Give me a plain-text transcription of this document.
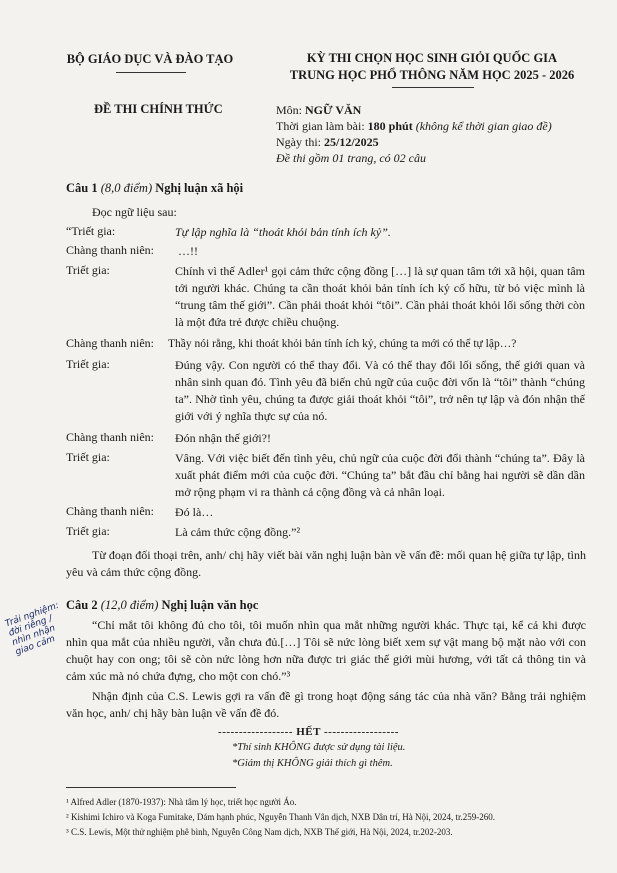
BỘ GIÁO DỤC VÀ ĐÀO TẠO	KỲ THI CHỌN HỌC SINH GIỎI QUỐC GIA
TRUNG HỌC PHỔ THÔNG NĂM HỌC 2025 - 2026
ĐỀ THI CHÍNH THỨC	Môn: NGỮ VĂN
Thời gian làm bài: 180 phút (không kể thời gian giao đề)
Ngày thi: 25/12/2025
Đề thi gồm 01 trang, có 02 câu
Câu 1 (8,0 điểm) Nghị luận xã hội
Đọc ngữ liệu sau:
“Triết gia:	Tự lập nghĩa là “thoát khỏi bản tính ích kỷ”.
Chàng thanh niên: …!!
Triết gia:	Chính vì thế Adler¹ gọi cảm thức cộng đồng […] là sự quan tâm tới xã hội, quan tâm tới người khác. Chúng ta cần thoát khỏi bản tính ích kỷ cố hữu, từ bỏ việc mình là “trung tâm thế giới”. Cần phải thoát khỏi “tôi”. Cần phải thoát khỏi lối sống thời còn là một đứa trẻ được chiều chuộng.
Chàng thanh niên: Thầy nói rằng, khi thoát khỏi bản tính ích kỷ, chúng ta mới có thể tự lập…?
Triết gia:	Đúng vậy. Con người có thể thay đổi. Và có thể thay đổi lối sống, thế giới quan và nhân sinh quan đó. Tình yêu đã biến chủ ngữ của cuộc đời vốn là “tôi” thành “chúng ta”. Nhờ tình yêu, chúng ta được giải thoát khỏi “tôi”, trở nên tự lập và đón nhận thế giới với ý nghĩa thực sự của nó.
Chàng thanh niên: Đón nhận thế giới?!
Triết gia:	Vâng. Với việc biết đến tình yêu, chủ ngữ của cuộc đời đổi thành “chúng ta”. Đây là xuất phát điểm mới của cuộc đời. “Chúng ta” bắt đầu chỉ bằng hai người sẽ dần dần mở rộng phạm vi ra thành cả cộng đồng và cả nhân loại.
Chàng thanh niên: Đó là…
Triết gia:	Là cảm thức cộng đồng.”²
Từ đoạn đối thoại trên, anh/ chị hãy viết bài văn nghị luận bàn về vấn đề: mối quan hệ giữa tự lập, tình yêu và cảm thức cộng đồng.
Câu 2 (12,0 điểm) Nghị luận văn học
“Chỉ mắt tôi không đủ cho tôi, tôi muốn nhìn qua mắt những người khác. Thực tại, kể cả khi được nhìn qua mắt của nhiều người, vẫn chưa đủ.[…] Tôi sẽ nức lòng biết xem sự vật mang bộ mặt nào với con chuột hay con ong; tôi sẽ còn nức lòng hơn nữa được tri giác thế giới mùi hương, với tất cả thông tin và cảm xúc mà nó chứa đựng, cho một con chó.”³
Nhận định của C.S. Lewis gợi ra vấn đề gì trong hoạt động sáng tác của nhà văn? Bằng trải nghiệm văn học, anh/ chị hãy bàn luận về vấn đề đó.
Trải nghiệm: đời riêng / nhìn nhận giao cảm
------------------ HẾT ------------------
*Thí sinh KHÔNG được sử dụng tài liệu.
*Giám thị KHÔNG giải thích gì thêm.
¹ Alfred Adler (1870-1937): Nhà tâm lý học, triết học người Áo.
² Kishimi Ichiro và Koga Fumitake, Dám hạnh phúc, Nguyễn Thanh Vân dịch, NXB Dân trí, Hà Nội, 2024, tr.259-260.
³ C.S. Lewis, Một thử nghiệm phê bình, Nguyễn Công Nam dịch, NXB Thế giới, Hà Nội, 2024, tr.202-203.
